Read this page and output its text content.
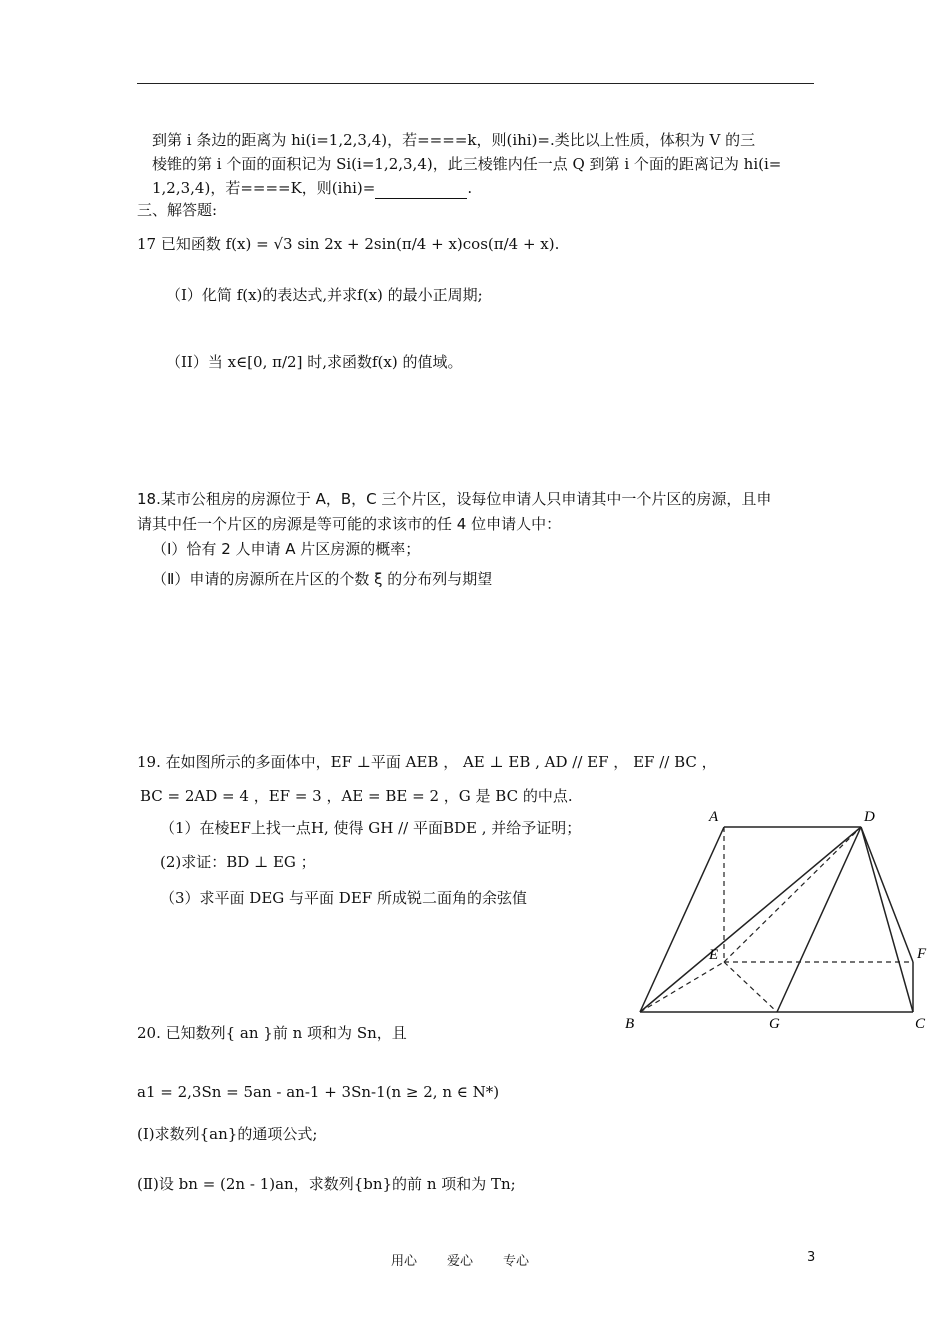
到第 i 条边的距离为 hi(i=1,2,3,4)，若====k，则(ihi)=.类比以上性质，体积为 V 的三
棱锥的第 i 个面的面积记为 Si(i=1,2,3,4)，此三棱锥内任一点 Q 到第 i 个面的距离记为 hi(i=
1,2,3,4)，若====K，则(ihi)=	.
三、解答题:
17 已知函数 f(x) = √3 sin 2x + 2sin(π/4 + x)cos(π/4 + x).
（I）化简 f(x)的表达式,并求f(x) 的最小正周期;
（II）当 x∈[0, π/2] 时,求函数f(x) 的值域。
18.某市公租房的房源位于 A，B，C 三个片区，设每位申请人只申请其中一个片区的房源，且申
请其中任一个片区的房源是等可能的求该市的任 4 位申请人中：
（Ⅰ）恰有 2 人申请 A 片区房源的概率；
（Ⅱ）申请的房源所在片区的个数 ξ 的分布列与期望
19. 在如图所示的多面体中，EF ⊥平面 AEB ， AE ⊥ EB , AD // EF ， EF // BC ，
BC = 2AD = 4 ，EF = 3 ，AE = BE = 2 ，G 是 BC 的中点.
（1）在棱EF上找一点H, 使得 GH // 平面BDE , 并给予证明；
(2)求证：BD ⊥ EG ；
（3）求平面 DEG 与平面 DEF 所成锐二面角的余弦值
A	D
E	F
B	G	C
20. 已知数列{ an }前 n 项和为 Sn，且
a1 = 2,3Sn = 5an - an-1 + 3Sn-1(n ≥ 2, n ∈ N*)
(Ⅰ)求数列{an}的通项公式;
(Ⅱ)设 bn = (2n - 1)an，求数列{bn}的前 n 项和为 Tn;
用心 爱心 专心	3
